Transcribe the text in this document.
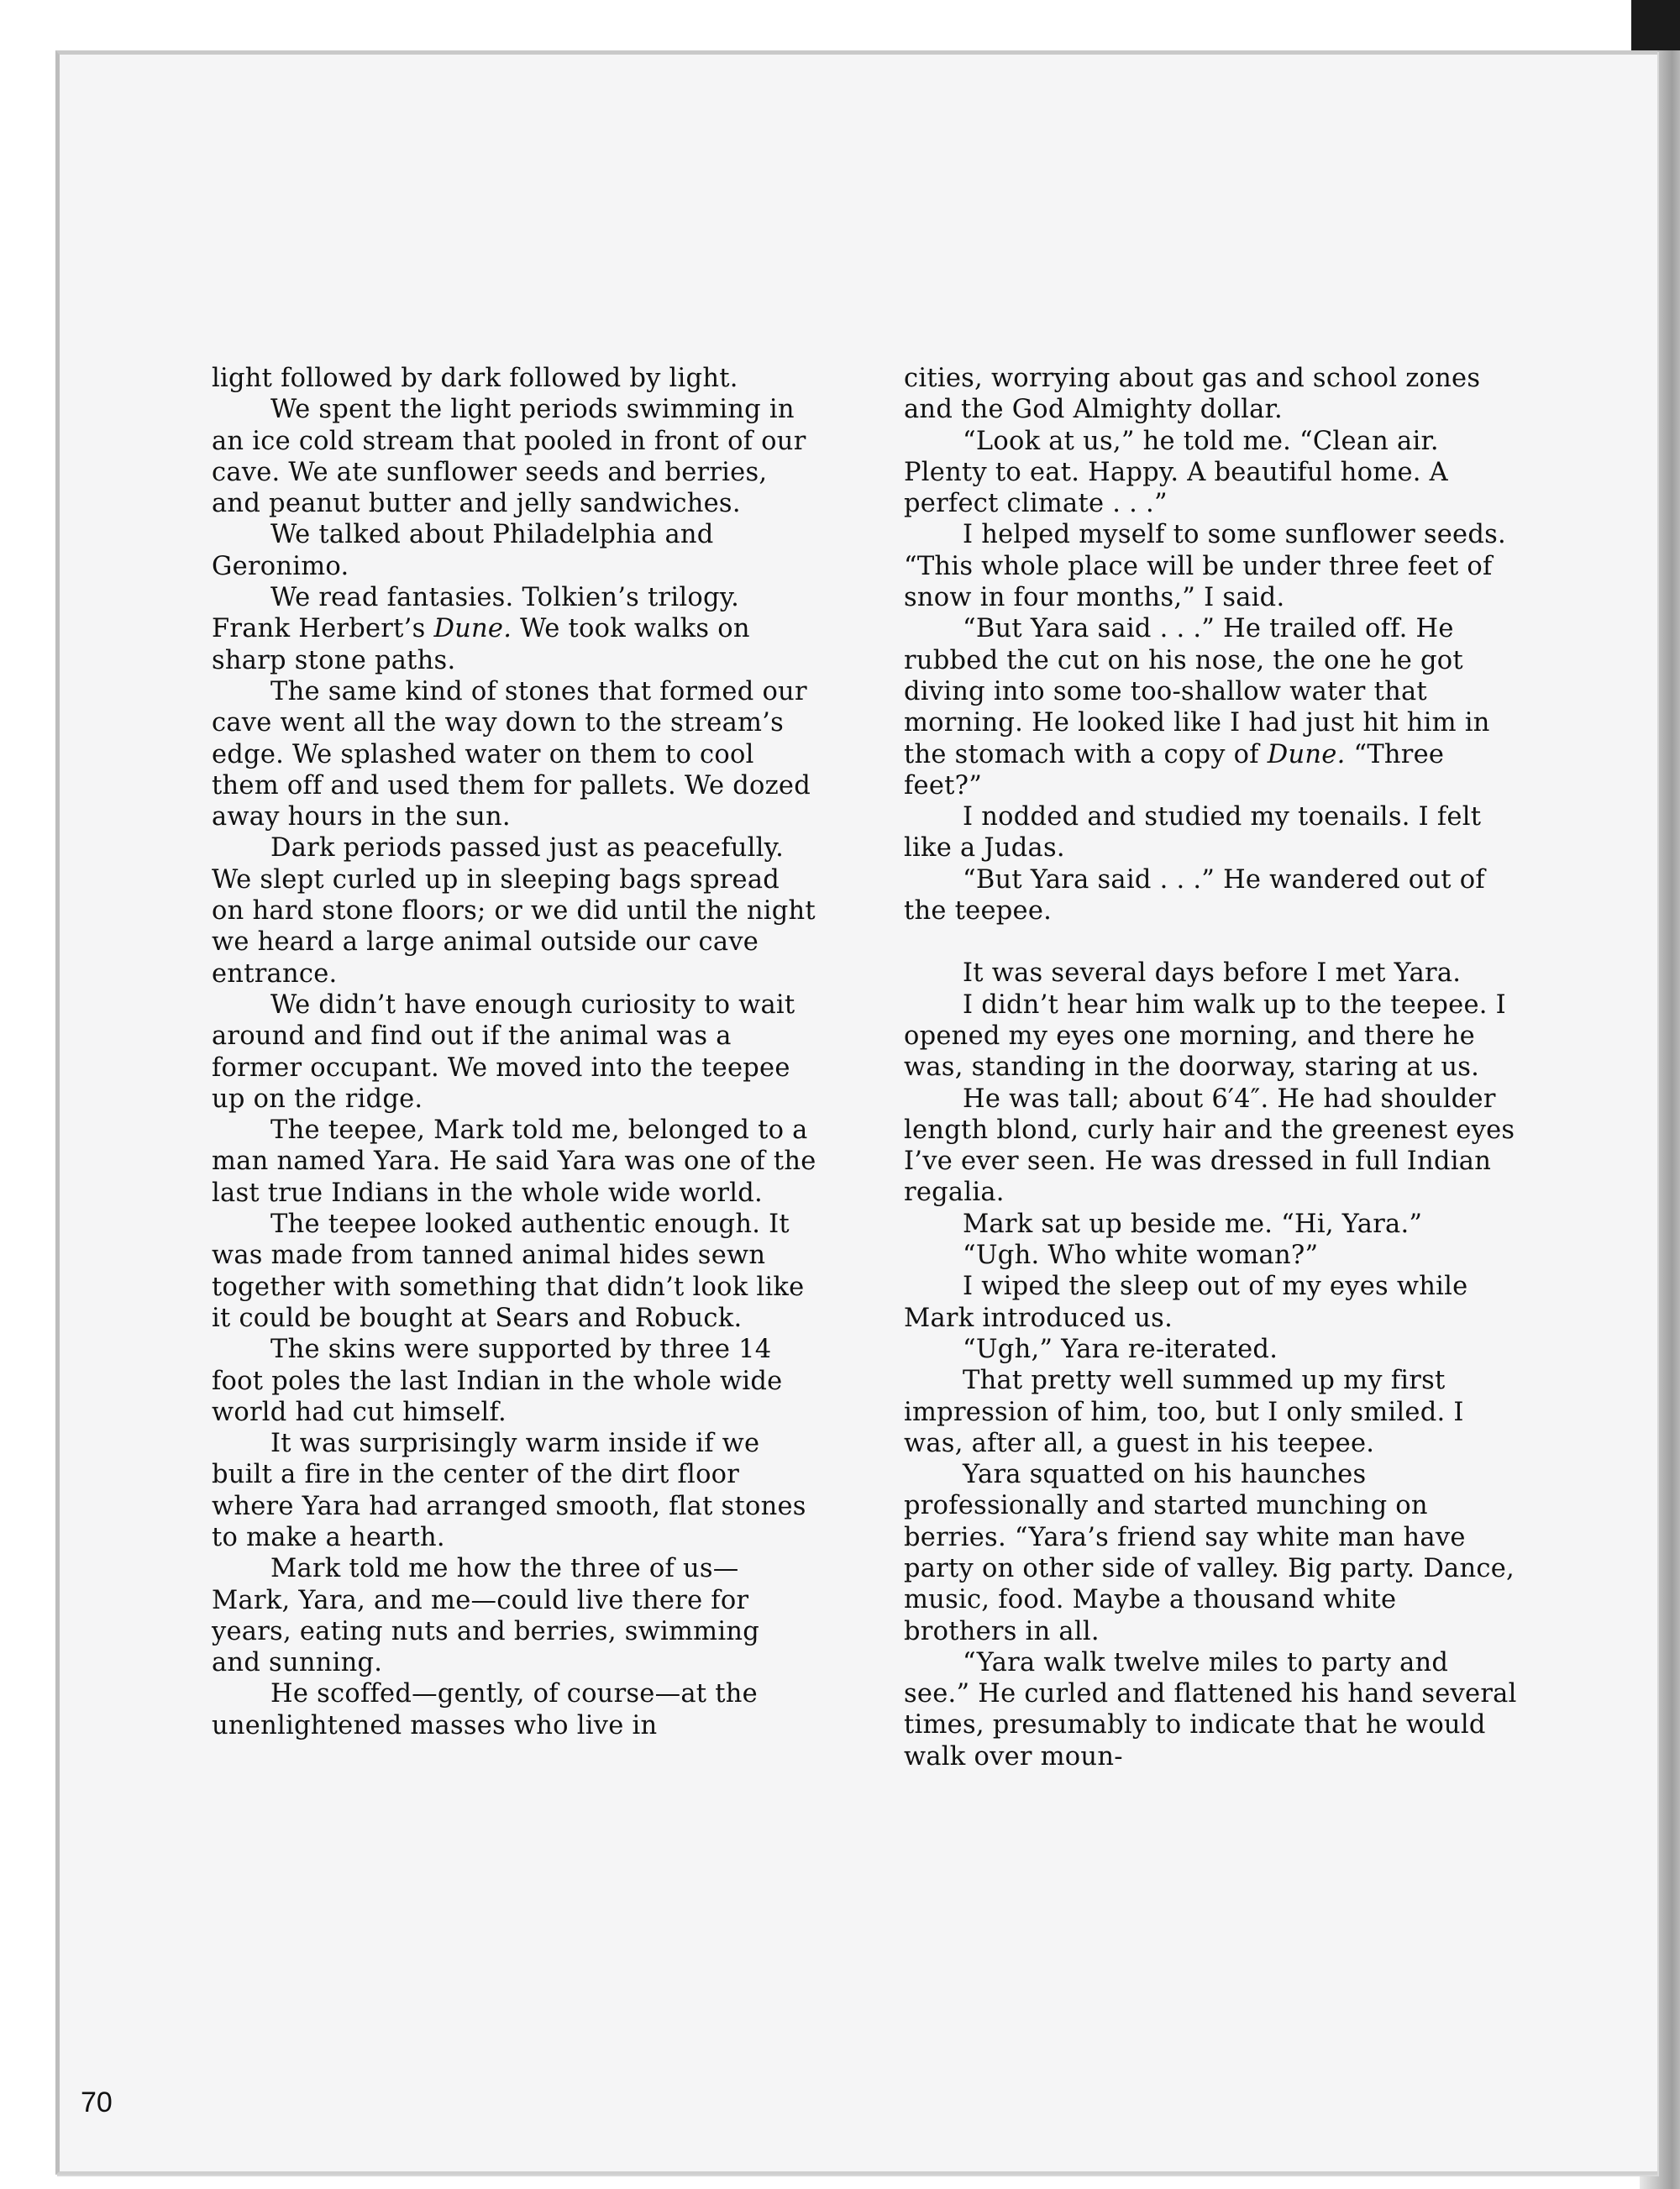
light followed by dark followed by light.

We spent the light periods swimming in an ice cold stream that pooled in front of our cave. We ate sunflower seeds and berries, and peanut butter and jelly sandwiches.

We talked about Philadelphia and Geronimo.

We read fantasies. Tolkien’s trilogy. Frank Herbert’s Dune. We took walks on sharp stone paths.

The same kind of stones that formed our cave went all the way down to the stream’s edge. We splashed water on them to cool them off and used them for pallets. We dozed away hours in the sun.

Dark periods passed just as peacefully. We slept curled up in sleeping bags spread on hard stone floors; or we did until the night we heard a large animal outside our cave entrance.

We didn’t have enough curiosity to wait around and find out if the animal was a former occupant. We moved into the teepee up on the ridge.

The teepee, Mark told me, belonged to a man named Yara. He said Yara was one of the last true Indians in the whole wide world.

The teepee looked authentic enough. It was made from tanned animal hides sewn together with something that didn’t look like it could be bought at Sears and Robuck.

The skins were supported by three 14 foot poles the last Indian in the whole wide world had cut himself.

It was surprisingly warm inside if we built a fire in the center of the dirt floor where Yara had arranged smooth, flat stones to make a hearth.

Mark told me how the three of us—Mark, Yara, and me—could live there for years, eating nuts and berries, swimming and sunning.

He scoffed—gently, of course—at the unenlightened masses who live in

cities, worrying about gas and school zones and the God Almighty dollar.

“Look at us,” he told me. “Clean air. Plenty to eat. Happy. A beautiful home. A perfect climate . . .”

I helped myself to some sunflower seeds. “This whole place will be under three feet of snow in four months,” I said.

“But Yara said . . .” He trailed off. He rubbed the cut on his nose, the one he got diving into some too-shallow water that morning. He looked like I had just hit him in the stomach with a copy of Dune. “Three feet?”

I nodded and studied my toenails. I felt like a Judas.

“But Yara said . . .” He wandered out of the teepee.

It was several days before I met Yara.

I didn’t hear him walk up to the teepee. I opened my eyes one morning, and there he was, standing in the doorway, staring at us.

He was tall; about 6′4″. He had shoulder length blond, curly hair and the greenest eyes I’ve ever seen. He was dressed in full Indian regalia.

Mark sat up beside me. “Hi, Yara.”

“Ugh. Who white woman?”

I wiped the sleep out of my eyes while Mark introduced us.

“Ugh,” Yara re-iterated.

That pretty well summed up my first impression of him, too, but I only smiled. I was, after all, a guest in his teepee.

Yara squatted on his haunches professionally and started munching on berries. “Yara’s friend say white man have party on other side of valley. Big party. Dance, music, food. Maybe a thousand white brothers in all.

“Yara walk twelve miles to party and see.” He curled and flattened his hand several times, presumably to indicate that he would walk over moun-

70
